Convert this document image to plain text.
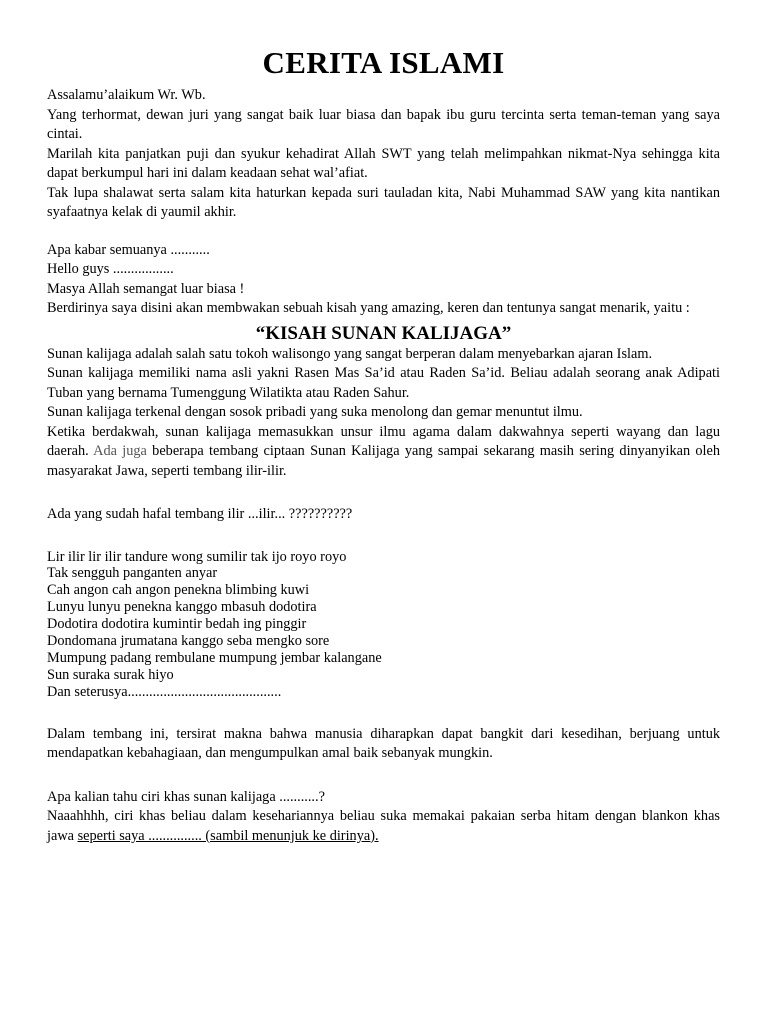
CERITA ISLAMI

Assalamu’alaikum Wr. Wb.

Yang terhormat, dewan juri yang sangat baik luar biasa dan bapak ibu guru tercinta serta teman-teman yang saya cintai.

Marilah kita panjatkan puji dan syukur kehadirat Allah SWT yang telah melimpahkan nikmat-Nya sehingga kita dapat berkumpul hari ini dalam keadaan sehat wal’afiat.

Tak lupa shalawat serta salam kita haturkan kepada suri tauladan kita, Nabi Muhammad SAW yang kita nantikan syafaatnya kelak di yaumil akhir.

Apa kabar semuanya ...........

Hello guys .................

Masya Allah semangat luar biasa !

Berdirinya saya disini akan membwakan sebuah kisah yang amazing, keren dan tentunya sangat menarik, yaitu :

“KISAH SUNAN KALIJAGA”

Sunan kalijaga adalah salah satu tokoh walisongo yang sangat berperan dalam menyebarkan ajaran Islam.

Sunan kalijaga memiliki nama asli yakni Rasen Mas Sa’id atau Raden Sa’id. Beliau adalah seorang anak Adipati Tuban yang bernama Tumenggung Wilatikta atau Raden Sahur.

Sunan kalijaga terkenal dengan sosok pribadi yang suka menolong dan gemar menuntut ilmu.

Ketika berdakwah, sunan kalijaga memasukkan unsur ilmu agama dalam dakwahnya seperti wayang dan lagu daerah. Ada juga beberapa tembang ciptaan Sunan Kalijaga yang sampai sekarang masih sering dinyanyikan oleh masyarakat Jawa, seperti tembang ilir-ilir.

Ada yang sudah hafal tembang ilir ...ilir... ??????????

Lir ilir lir ilir tandure wong sumilir tak ijo royo royo

Tak sengguh panganten anyar

Cah angon cah angon penekna blimbing kuwi

Lunyu lunyu penekna kanggo mbasuh dodotira

Dodotira dodotira kumintir bedah ing pinggir

Dondomana jrumatana kanggo seba mengko sore

Mumpung padang rembulane mumpung jembar kalangane

Sun suraka surak hiyo

Dan seterusya...........................................

Dalam tembang ini, tersirat makna bahwa manusia diharapkan dapat bangkit dari kesedihan, berjuang untuk mendapatkan kebahagiaan, dan mengumpulkan amal baik sebanyak mungkin.

Apa kalian tahu ciri khas sunan kalijaga ...........?

Naaahhhh, ciri khas beliau dalam kesehariannya beliau suka memakai pakaian serba hitam dengan blankon khas jawa seperti saya ............... (sambil menunjuk ke dirinya).
